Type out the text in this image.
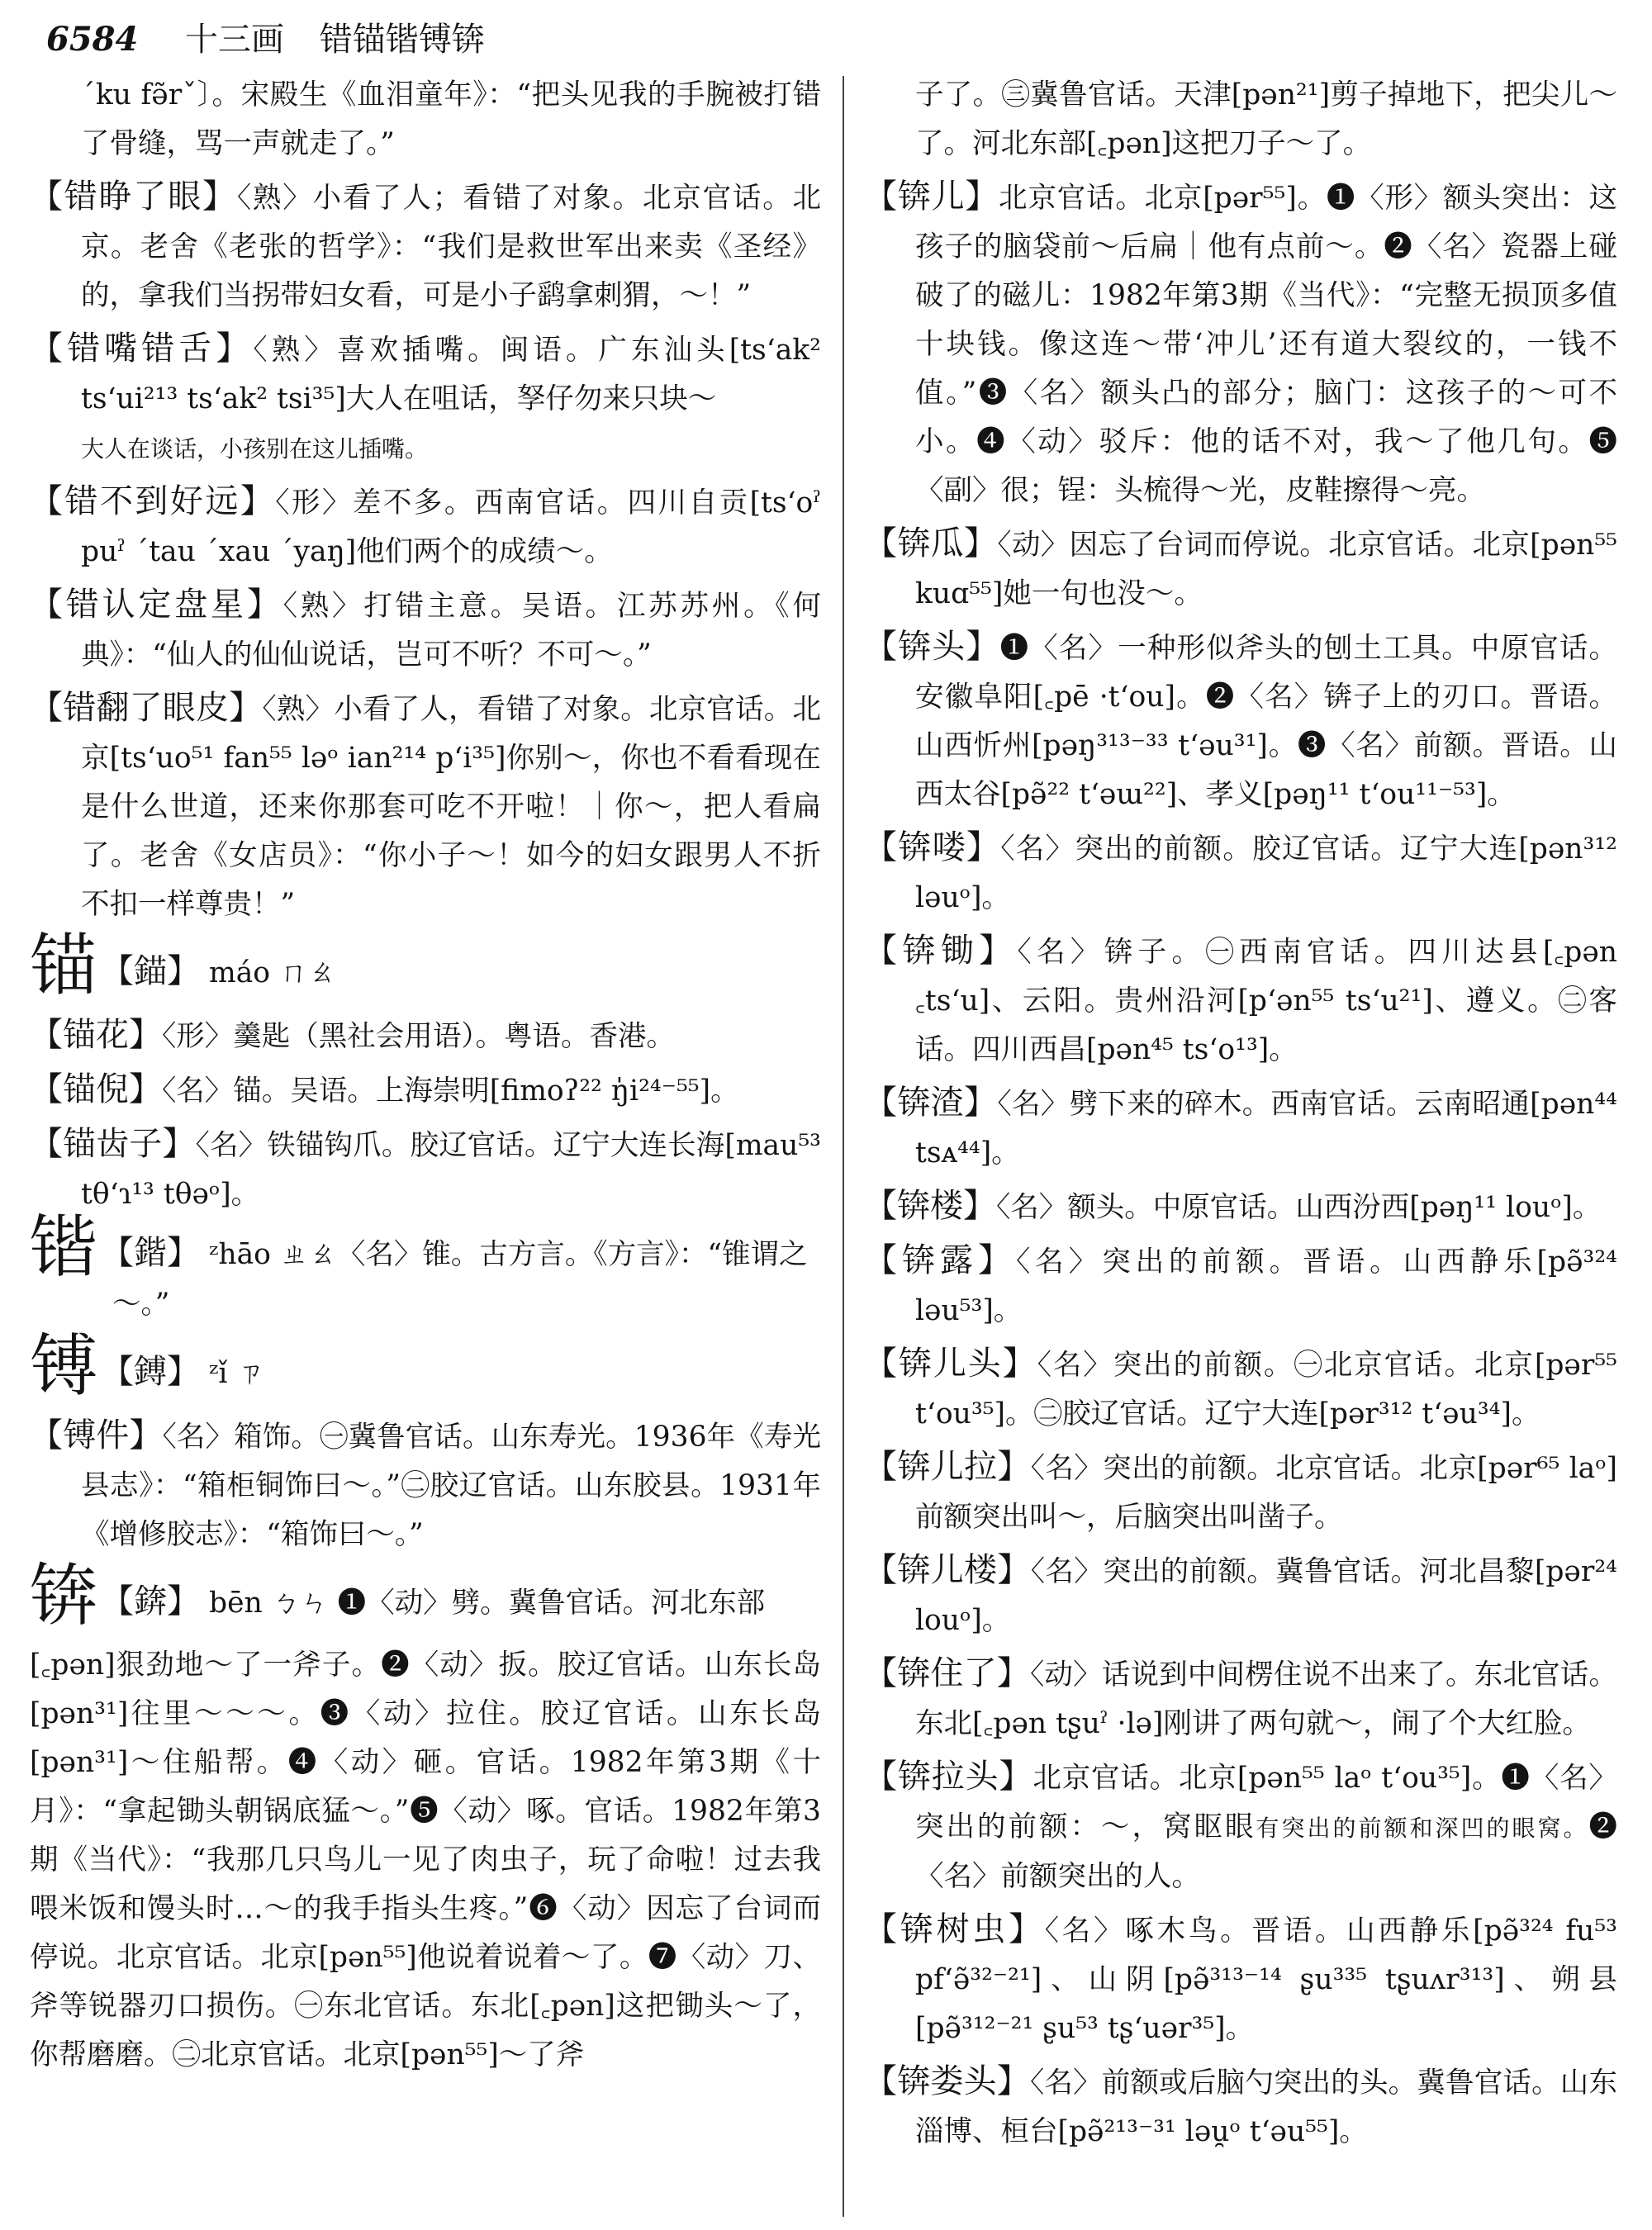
6584 十三画 错锚锴镈锛

ˊku fə̃rˇ〕。宋殿生《血泪童年》：“把头见我的手腕被打错了骨缝，骂一声就走了。”

【错睁了眼】〈熟〉小看了人；看错了对象。北京官话。北京。老舍《老张的哲学》：“我们是救世军出来卖《圣经》的，拿我们当拐带妇女看，可是小子鹞拿刺猬，～！”

【错嘴错舌】〈熟〉喜欢插嘴。闽语。广东汕头[tsʻak² tsʻui²¹³ tsʻak² tsi³⁵]大人在咀话，孥仔勿来只块～
大人在谈话，小孩别在这儿插嘴。

【错不到好远】〈形〉差不多。西南官话。四川自贡[tsʻoˀ puˀ ˊtau ˊxau ˊyaŋ]他们两个的成绩～。

【错认定盘星】〈熟〉打错主意。吴语。江苏苏州。《何典》：“仙人的仙仙说话，岂可不听？不可～。”

【错翻了眼皮】〈熟〉小看了人，看错了对象。北京官话。北京[tsʻuo⁵¹ fan⁵⁵ ləᵒ ian²¹⁴ pʻi³⁵]你别～，你也不看看现在是什么世道，还来你那套可吃不开啦！｜你～，把人看扁了。老舍《女店员》：“你小子～！如今的妇女跟男人不折不扣一样尊贵！”

锚 【錨】 máo ㄇㄠ

【锚花】〈形〉羹匙（黑社会用语）。粤语。香港。

【锚倪】〈名〉锚。吴语。上海崇明[fimoʔ²² ŋ̍i²⁴⁻⁵⁵]。

【锚齿子】〈名〉铁锚钩爪。胶辽官话。辽宁大连长海[mau⁵³ tθʻɿ¹³ tθəᵒ]。

锴 【鍇】 ᶻhāo ㄓㄠ〈名〉锥。古方言。《方言》：“锥谓之～。”
镈 【鎛】 ᶻǐ ㄗ

【镈件】〈名〉箱饰。㊀冀鲁官话。山东寿光。1936年《寿光县志》：“箱柜铜饰曰～。”㊁胶辽官话。山东胶县。1931年《增修胶志》：“箱饰曰～。”

锛 【錛】 bēn ㄅㄣ ❶〈动〉劈。冀鲁官话。河北东部

[꜀pən]狠劲地～了一斧子。❷〈动〉扳。胶辽官话。山东长岛[pən³¹]往里～～～。❸〈动〉拉住。胶辽官话。山东长岛[pən³¹]～住船帮。❹〈动〉砸。官话。1982年第3期《十月》：“拿起锄头朝锅底猛～。”❺〈动〉啄。官话。1982年第3期《当代》：“我那几只鸟儿一见了肉虫子，玩了命啦！过去我喂米饭和馒头时…～的我手指头生疼。”❻〈动〉因忘了台词而停说。北京官话。北京[pən⁵⁵]他说着说着～了。❼〈动〉刀、斧等锐器刃口损伤。㊀东北官话。东北[꜀pən]这把锄头～了，你帮磨磨。㊁北京官话。北京[pən⁵⁵]～了斧

子了。㊂冀鲁官话。天津[pən²¹]剪子掉地下，把尖儿～了。河北东部[꜀pən]这把刀子～了。

【锛儿】北京官话。北京[pər⁵⁵]。❶〈形〉额头突出：这孩子的脑袋前～后扁｜他有点前～。❷〈名〉瓷器上碰破了的磁儿：1982年第3期《当代》：“完整无损顶多值十块钱。像这连～带‘冲儿’还有道大裂纹的，一钱不值。”❸〈名〉额头凸的部分；脑门：这孩子的～可不小。❹〈动〉驳斥：他的话不对，我～了他几句。❺〈副〉很；锃：头梳得～光，皮鞋擦得～亮。

【锛瓜】〈动〉因忘了台词而停说。北京官话。北京[pən⁵⁵ kuɑ⁵⁵]她一句也没～。

【锛头】❶〈名〉一种形似斧头的刨土工具。中原官话。安徽阜阳[꜀pē ·tʻou]。❷〈名〉锛子上的刃口。晋语。山西忻州[pəŋ³¹³⁻³³ tʻəu³¹]。❸〈名〉前额。晋语。山西太谷[pə̃²² tʻəɯ²²]、孝义[pəŋ¹¹ tʻou¹¹⁻⁵³]。

【锛喽】〈名〉突出的前额。胶辽官话。辽宁大连[pən³¹² ləuᵒ]。

【锛锄】〈名〉锛子。㊀西南官话。四川达县[꜀pən ꜀tsʻu]、云阳。贵州沿河[pʻən⁵⁵ tsʻu²¹]、遵义。㊁客话。四川西昌[pən⁴⁵ tsʻo¹³]。

【锛渣】〈名〉劈下来的碎木。西南官话。云南昭通[pən⁴⁴ tsᴀ⁴⁴]。

【锛楼】〈名〉额头。中原官话。山西汾西[pəŋ¹¹ louᵒ]。

【锛露】〈名〉突出的前额。晋语。山西静乐[pə̃³²⁴ ləu⁵³]。

【锛儿头】〈名〉突出的前额。㊀北京官话。北京[pər⁵⁵ tʻou³⁵]。㊁胶辽官话。辽宁大连[pər³¹² tʻəu³⁴]。

【锛儿拉】〈名〉突出的前额。北京官话。北京[pər⁶⁵ laᵒ]前额突出叫～，后脑突出叫凿子。

【锛儿楼】〈名〉突出的前额。冀鲁官话。河北昌黎[pər²⁴ louᵒ]。

【锛住了】〈动〉话说到中间楞住说不出来了。东北官话。东北[꜀pən tʂuˀ ·lə]刚讲了两句就～，闹了个大红脸。

【锛拉头】北京官话。北京[pən⁵⁵ laᵒ tʻou³⁵]。❶〈名〉突出的前额：～，窝眍眼有突出的前额和深凹的眼窝。❷〈名〉前额突出的人。

【锛树虫】〈名〉啄木鸟。晋语。山西静乐[pə̃³²⁴ fu⁵³ pfʻə̃³²⁻²¹]、山阴[pə̃³¹³⁻¹⁴ ʂu³³⁵ tʂuʌr³¹³]、朔县[pə̃³¹²⁻²¹ ʂu⁵³ tʂʻuər³⁵]。

【锛娄头】〈名〉前额或后脑勺突出的头。冀鲁官话。山东淄博、桓台[pə̃²¹³⁻³¹ ləu̯ᵒ tʻəu⁵⁵]。
